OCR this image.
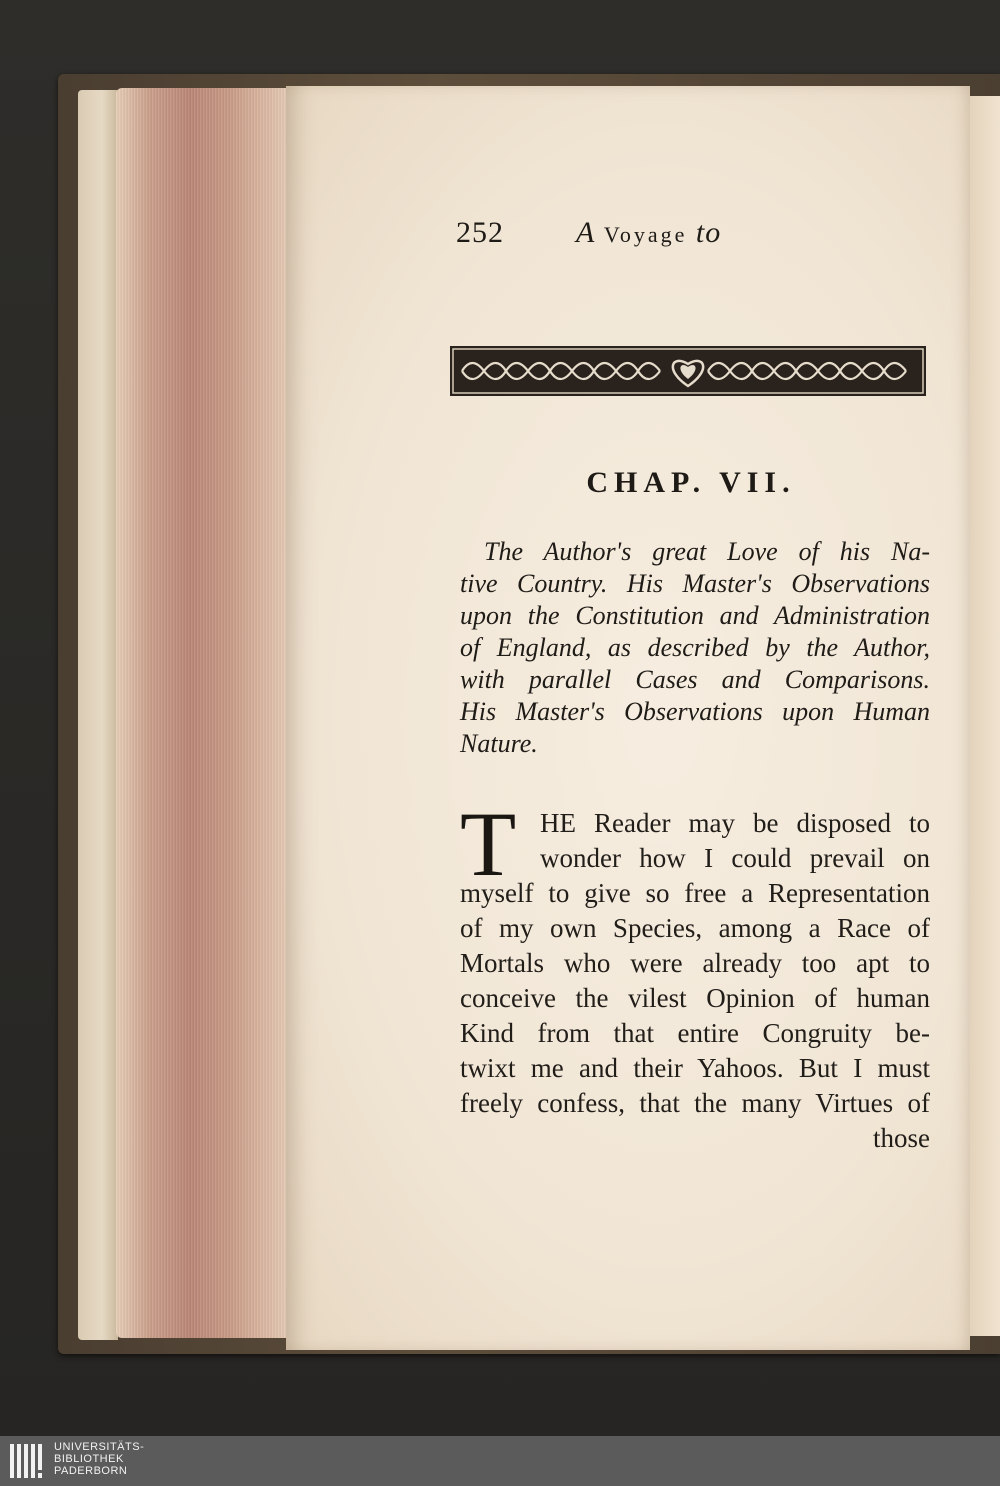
252 A Voyage to
CHAP. VII.
The Author's great Love of his Na-
tive Country. His Master's Observations
upon the Constitution and Administration
of England, as described by the Author,
with parallel Cases and Comparisons.
His Master's Observations upon Human
Nature.
T HE Reader may be disposed to
wonder how I could prevail on
myself to give so free a Representation
of my own Species, among a Race of
Mortals who were already too apt to
conceive the vilest Opinion of human
Kind from that entire Congruity be-
twixt me and their Yahoos. But I must
freely confess, that the many Virtues of
those
UNIVERSITÄTS-
BIBLIOTHEK
PADERBORN
